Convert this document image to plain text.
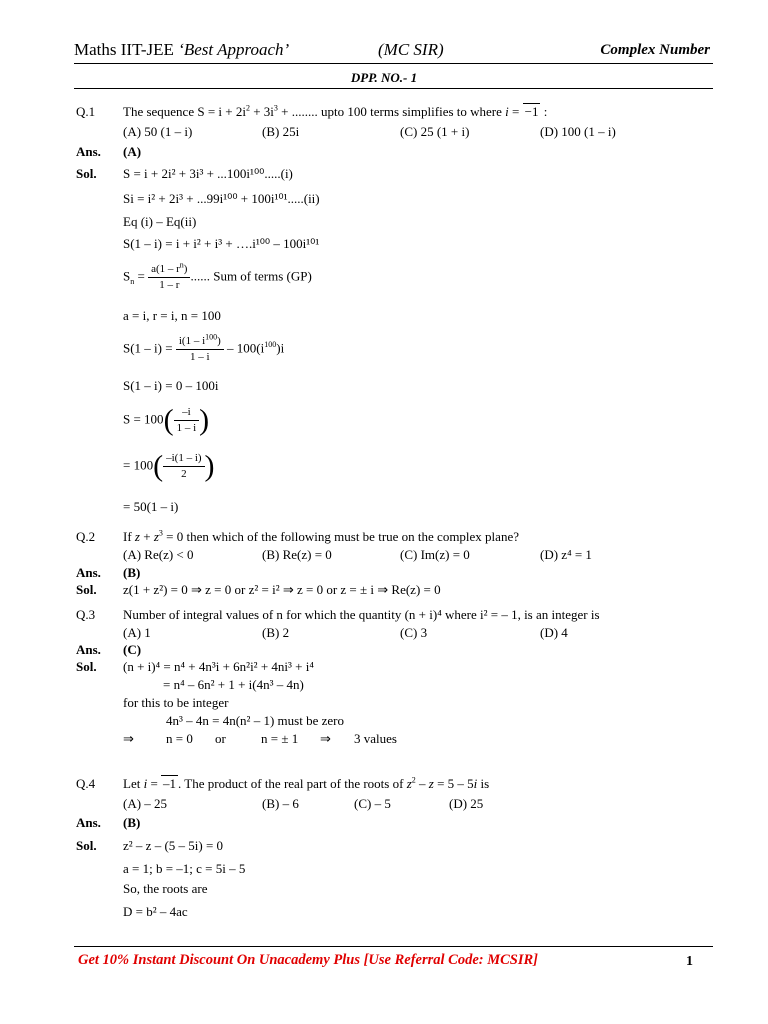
Maths IIT-JEE ‘Best Approach’	(MC SIR)	Complex Number
DPP. NO.- 1
Q.1 The sequence $S = i + 2i^2 + 3i^3$ + ........ upto 100 terms simplifies to where i = −1 :
(A) 50 (1 – i)	(B) 25i	(C) 25 (1 + i)	(D) 100 (1 – i)
Ans. (A)
Sol. S = i + 2i² + 3i³ + ...100i¹⁰⁰.....(i)
Si = i² + 2i³ + ...99i¹⁰⁰ + 100i¹⁰¹.....(ii)
Eq (i) – Eq(ii)
S(1 – i) = i + i² + i³ + ….i¹⁰⁰ – 100i¹⁰¹
$S_n = \frac{a(1 - r^n)}{1 - r}$ ...... Sum of terms (GP)
a = i, r = i, n = 100
$S(1 - i) = \frac{i(1 - i^{100})}{1 - i} - 100(i^{100})i$
S(1 – i) = 0 – 100i
$S = 100( \frac{-i}{1 - i}$ )
= $100( \frac{-i(1 - i)}{2}$ )
= 50(1 – i)
Q.2 If $z + z^3 = 0$ then which of the following must be true on the complex plane?
(A) Re(z) < 0	(B) Re(z) = 0	(C) Im(z) = 0	(D) z⁴ = 1
Ans. (B)
Sol. z(1 + z²) = 0 ⇒ z = 0 or z² = i² ⇒ z = 0 or z = ± i ⇒ Re(z) = 0
Q.3 Number of integral values of n for which the quantity (n + i)⁴ where i² = – 1, is an integer is
(A) 1	(B) 2	(C) 3	(D) 4
Ans. (C)
Sol. (n + i)⁴ = n⁴ + 4n³i + 6n²i² + 4ni³ + i⁴
= n⁴ – 6n² + 1 + i(4n³ – 4n)
for this to be integer
4n³ – 4n = 4n(n² – 1) must be zero
⇒ n = 0 or	n = ± 1 ⇒ 3 values
Q.4 Let i = –1 . The product of the real part of the roots of $z^2 - z = 5 - 5i$ is
(A) – 25	(B) – 6	(C) – 5	(D) 25
Ans. (B)
Sol. z² – z – (5 – 5i) = 0
a = 1; b = –1; c = 5i – 5
So, the roots are
D = b² – 4ac
Get 10% Instant Discount On Unacademy Plus [Use Referral Code: MCSIR]	1
